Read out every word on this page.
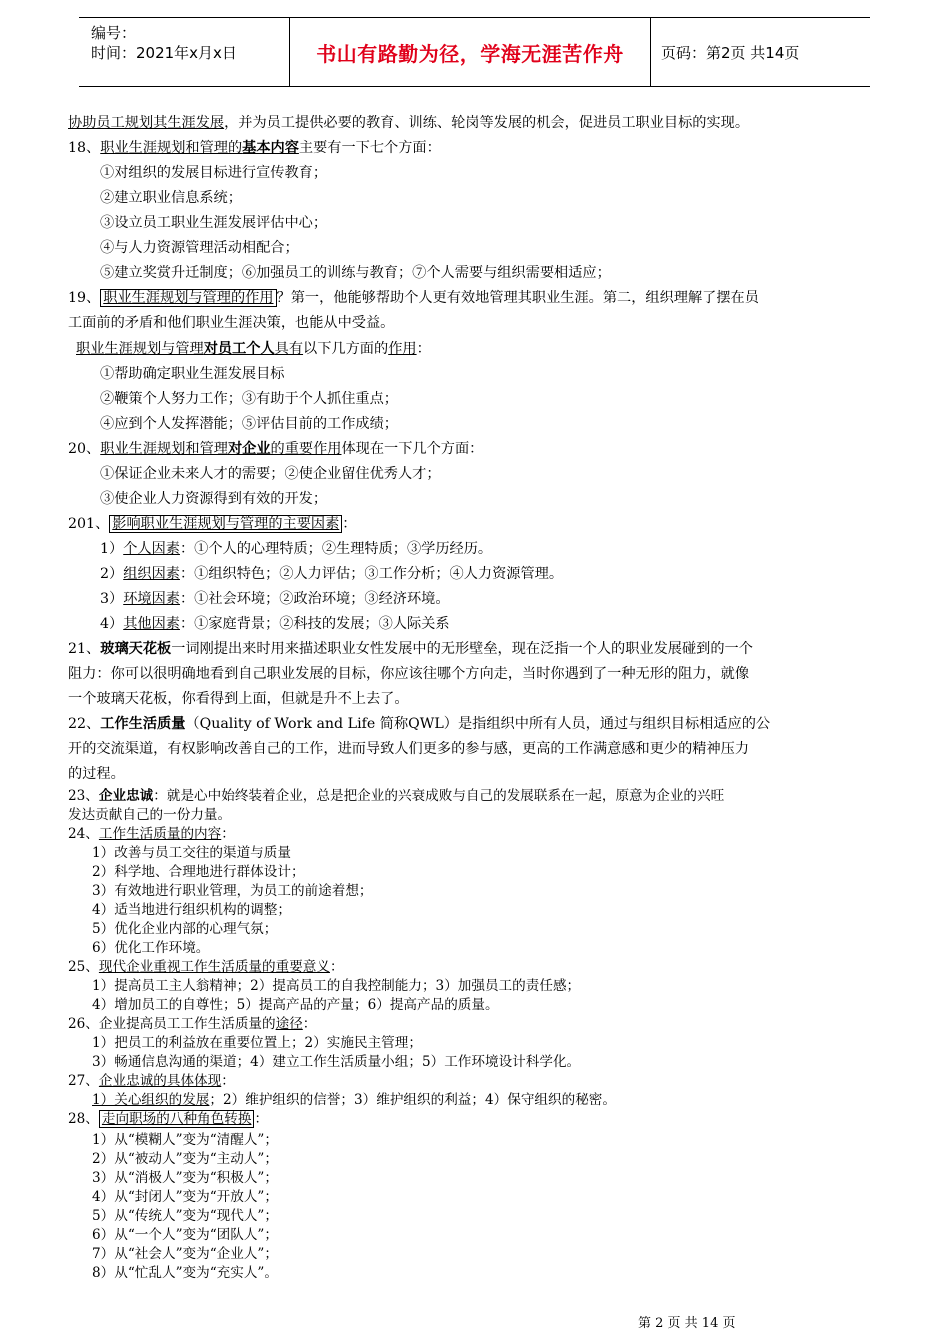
编号：
时间：2021年x月x日	书山有路勤为径，学海无涯苦作舟	页码：第2页 共14页
协助员工规划其生涯发展，并为员工提供必要的教育、训练、轮岗等发展的机会，促进员工职业目标的实现。
18、职业生涯规划和管理的基本内容主要有一下七个方面：
①对组织的发展目标进行宣传教育；
②建立职业信息系统；
③设立员工职业生涯发展评估中心；
④与人力资源管理活动相配合；
⑤建立奖赏升迁制度；⑥加强员工的训练与教育；⑦个人需要与组织需要相适应；
19、 职业生涯规划与管理的作用 ？第一，他能够帮助个人更有效地管理其职业生涯。第二，组织理解了摆在员
工面前的矛盾和他们职业生涯决策，也能从中受益。
职业生涯规划与管理对员工个人具有以下几方面的作用：
①帮助确定职业生涯发展目标
②鞭策个人努力工作；③有助于个人抓住重点；
④应到个人发挥潜能；⑤评估目前的工作成绩；
20、职业生涯规划和管理对企业的重要作用体现在一下几个方面：
①保证企业未来人才的需要；②使企业留住优秀人才；
③使企业人力资源得到有效的开发；
201、 影响职业生涯规划与管理的主要因素 ：
1）个人因素：①个人的心理特质；②生理特质；③学历经历。
2）组织因素：①组织特色；②人力评估；③工作分析；④人力资源管理。
3）环境因素：①社会环境；②政治环境；③经济环境。
4）其他因素：①家庭背景；②科技的发展；③人际关系
21、玻璃天花板一词刚提出来时用来描述职业女性发展中的无形壁垒，现在泛指一个人的职业发展碰到的一个
阻力：你可以很明确地看到自己职业发展的目标，你应该往哪个方向走，当时你遇到了一种无形的阻力，就像
一个玻璃天花板，你看得到上面，但就是升不上去了。
22、工作生活质量（Quality of Work and Life 简称QWL）是指组织中所有人员，通过与组织目标相适应的公
开的交流渠道，有权影响改善自己的工作，进而导致人们更多的参与感，更高的工作满意感和更少的精神压力
的过程。
23、企业忠诚：就是心中始终装着企业，总是把企业的兴衰成败与自己的发展联系在一起，原意为企业的兴旺
发达贡献自己的一份力量。
24、工作生活质量的内容：
1）改善与员工交往的渠道与质量
2）科学地、合理地进行群体设计；
3）有效地进行职业管理，为员工的前途着想；
4）适当地进行组织机构的调整；
5）优化企业内部的心理气氛；
6）优化工作环境。
25、现代企业重视工作生活质量的重要意义：
1）提高员工主人翁精神；2）提高员工的自我控制能力；3）加强员工的责任感；
4）增加员工的自尊性；5）提高产品的产量；6）提高产品的质量。
26、企业提高员工工作生活质量的途径：
1）把员工的利益放在重要位置上；2）实施民主管理；
3）畅通信息沟通的渠道；4）建立工作生活质量小组；5）工作环境设计科学化。
27、企业忠诚的具体体现：
1）关心组织的发展；2）维护组织的信誉；3）维护组织的利益；4）保守组织的秘密。
28、 走向职场的八种角色转换 ：
1）从“模糊人”变为“清醒人”；
2）从“被动人”变为“主动人”；
3）从“消极人”变为“积极人”；
4）从“封闭人”变为“开放人”；
5）从“传统人”变为“现代人”；
6）从“一个人”变为“团队人”；
7）从“社会人”变为“企业人”；
8）从“忙乱人”变为“充实人”。
第 2 页 共 14 页
